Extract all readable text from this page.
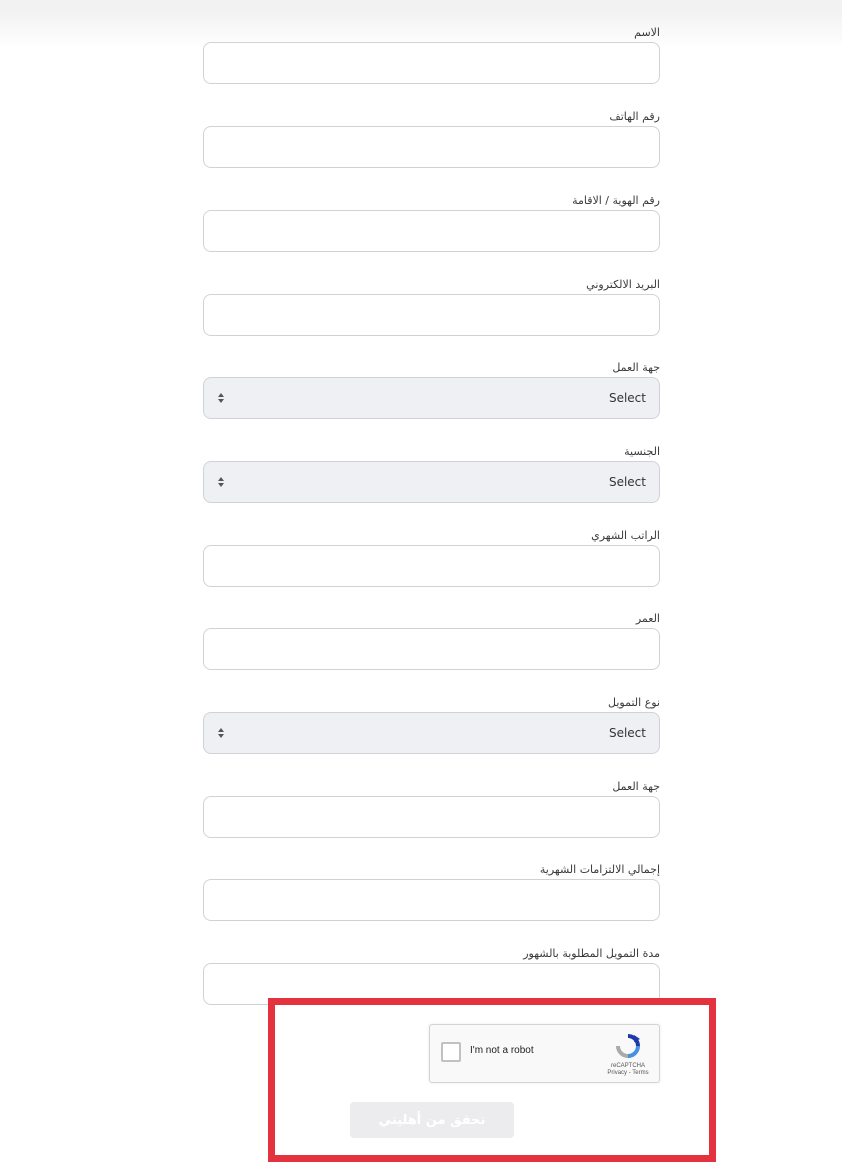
الاسم
رقم الهاتف
رقم الهوية / الاقامة
البريد الالكتروني
جهة العمل
Select
الجنسية
Select
الراتب الشهري
العمر
نوع التمويل
Select
جهة العمل
إجمالي الالتزامات الشهرية
مدة التمويل المطلوبة بالشهور
I'm not a robot
reCAPTCHA
Privacy - Terms
تحقق من أهليتي
